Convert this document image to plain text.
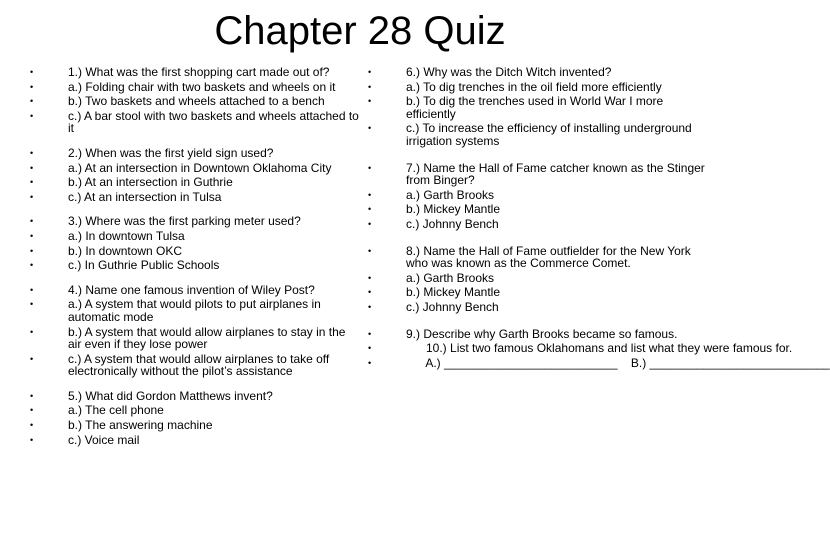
Chapter 28 Quiz
• 1.) What was the first shopping cart made out of?
• a.) Folding chair with two baskets and wheels on it
• b.) Two baskets and wheels attached to a bench
• c.) A bar stool with two baskets and wheels attached to it
• 2.) When was the first yield sign used?
• a.) At an intersection in Downtown Oklahoma City
• b.) At an intersection in Guthrie
• c.) At an intersection in Tulsa
• 3.) Where was the first parking meter used?
• a.) In downtown Tulsa
• b.) In downtown OKC
• c.) In Guthrie Public Schools
• 4.) Name one famous invention of Wiley Post?
• a.) A system that would pilots to put airplanes in automatic mode
• b.) A system that would allow airplanes to stay in the air even if they lose power
• c.) A system that would allow airplanes to take off electronically without the pilot’s assistance
• 5.) What did Gordon Matthews invent?
• a.) The cell phone
• b.) The answering machine
• c.) Voice mail
• 6.) Why was the Ditch Witch invented?
• a.) To dig trenches in the oil field more efficiently
• b.) To dig the trenches used in World War I more efficiently
• c.) To increase the efficiency of installing underground irrigation systems
• 7.) Name the Hall of Fame catcher known as the Stinger from Binger?
• a.) Garth Brooks
• b.) Mickey Mantle
• c.) Johnny Bench
• 8.) Name the Hall of Fame outfielder for the New York who was known as the Commerce Comet.
• a.) Garth Brooks
• b.) Mickey Mantle
• c.) Johnny Bench
• 9.) Describe why Garth Brooks became so famous.
•       10.) List two famous Oklahomans and list what they were famous for.
•       A.) __________________________    B.) ___________________________
